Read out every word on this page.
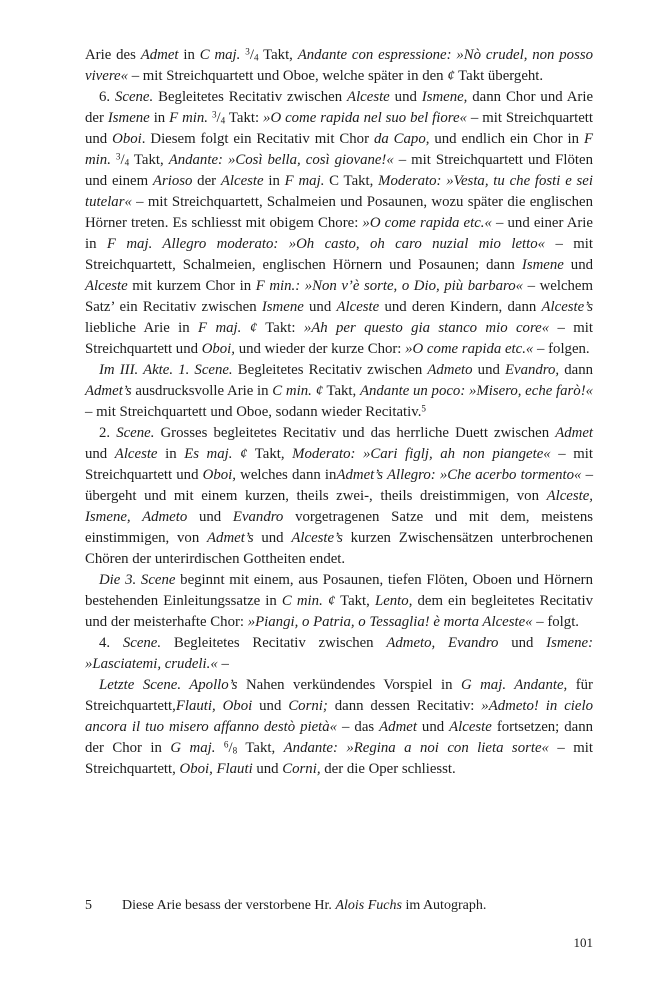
Arie des Admet in C maj. $^3$/4 Takt, Andante con espressione: »Nò crudel, non posso vivere« – mit Streichquartett und Oboe, welche später in den ¢ Takt übergeht.

6. Scene. Begleitetes Recitativ zwischen Alceste und Ismene, dann Chor und Arie der Ismene in F min. $^3$/4 Takt: »O come rapida nel suo bel fiore« – mit Streichquartett und Oboi. Diesem folgt ein Recitativ mit Chor da Capo, und endlich ein Chor in F min. $^3$/4 Takt, Andante: »Così bella, così giovane!« – mit Streichquartett und Flöten und einem Arioso der Alceste in F maj. C Takt, Moderato: »Vesta, tu che fosti e sei tutelar« – mit Streichquartett, Schalmeien und Posaunen, wozu später die englischen Hörner treten. Es schliesst mit obigem Chore: »O come rapida etc.« – und einer Arie in F maj. Allegro moderato: »Oh casto, oh caro nuzial mio letto« – mit Streichquartett, Schalmeien, englischen Hörnern und Posaunen; dann Ismene und Alceste mit kurzem Chor in F min.: »Non v’è sorte, o Dio, più barbaro« – welchem Satz’ ein Recitativ zwischen Ismene und Alceste und deren Kindern, dann Alceste’s liebliche Arie in F maj. ¢ Takt: »Ah per questo gia stanco mio core« – mit Streichquartett und Oboi, und wieder der kurze Chor: »O come rapida etc.« – folgen.

Im III. Akte. 1. Scene. Begleitetes Recitativ zwischen Admeto und Evandro, dann Admet’s ausdrucksvolle Arie in C min. ¢ Takt, Andante un poco: »Misero, eche farò!« – mit Streichquartett und Oboe, sodann wieder Recitativ.$^5$

2. Scene. Grosses begleitetes Recitativ und das herrliche Duett zwischen Admet und Alceste in Es maj. ¢ Takt, Moderato: »Cari figlj, ah non piangete« – mit Streichquartett und Oboi, welches dann inAdmet’s Allegro: »Che acerbo tormento« – übergeht und mit einem kurzen, theils zwei-, theils dreistimmigen, von Alceste, Ismene, Admeto und Evandro vorgetragenen Satze und mit dem, meistens einstimmigen, von Admet’s und Alceste’s kurzen Zwischensätzen unterbrochenen Chören der unterirdischen Gottheiten endet.

Die 3. Scene beginnt mit einem, aus Posaunen, tiefen Flöten, Oboen und Hörnern bestehenden Einleitungssatze in C min. ¢ Takt, Lento, dem ein begleitetes Recitativ und der meisterhafte Chor: »Piangi, o Patria, o Tessaglia! è morta Alceste« – folgt.

4. Scene. Begleitetes Recitativ zwischen Admeto, Evandro und Ismene: »Lasciatemi, crudeli.« –

Letzte Scene. Apollo’s Nahen verkündendes Vorspiel in G maj. Andante, für Streichquartett,Flauti, Oboi und Corni; dann dessen Recitativ: »Admeto! in cielo ancora il tuo misero affanno destò pietà« – das Admet und Alceste fortsetzen; dann der Chor in G maj. $^6$/8 Takt, Andante: »Regina a noi con lieta sorte« – mit Streichquartett, Oboi, Flauti und Corni, der die Oper schliesst.

5 Diese Arie besass der verstorbene Hr. Alois Fuchs im Autograph.
101
